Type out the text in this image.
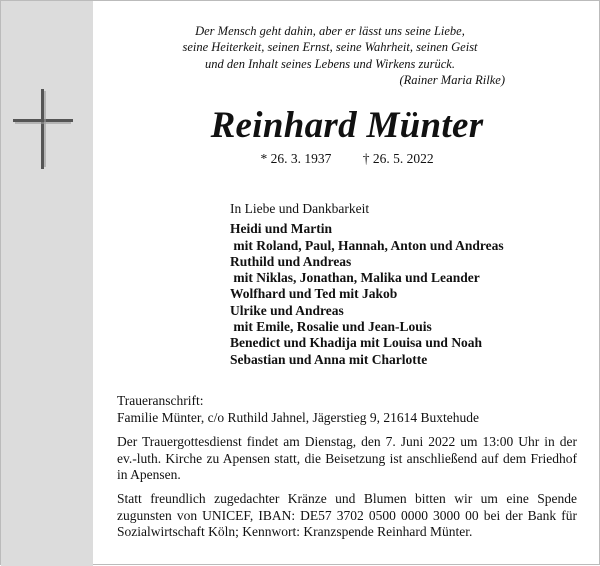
Der Mensch geht dahin, aber er lässt uns seine Liebe,
seine Heiterkeit, seinen Ernst, seine Wahrheit, seinen Geist
und den Inhalt seines Lebens und Wirkens zurück.
(Rainer Maria Rilke)
Reinhard Münter
* 26. 3. 1937 † 26. 5. 2022
In Liebe und Dankbarkeit
Heidi und Martin
mit Roland, Paul, Hannah, Anton und Andreas
Ruthild und Andreas
mit Niklas, Jonathan, Malika und Leander
Wolfhard und Ted mit Jakob
Ulrike und Andreas
mit Emile, Rosalie und Jean-Louis
Benedict und Khadija mit Louisa und Noah
Sebastian und Anna mit Charlotte

Traueranschrift:

Familie Münter, c/o Ruthild Jahnel, Jägerstieg 9, 21614 Buxtehude

Der Trauergottesdienst findet am Dienstag, den 7. Juni 2022 um 13:00 Uhr in der ev.-luth. Kirche zu Apensen statt, die Beisetzung ist anschließend auf dem Friedhof in Apensen.

Statt freundlich zugedachter Kränze und Blumen bitten wir um eine Spende zugunsten von UNICEF, IBAN: DE57 3702 0500 0000 3000 00 bei der Bank für Sozialwirtschaft Köln; Kennwort: Kranzspende Reinhard Münter.
